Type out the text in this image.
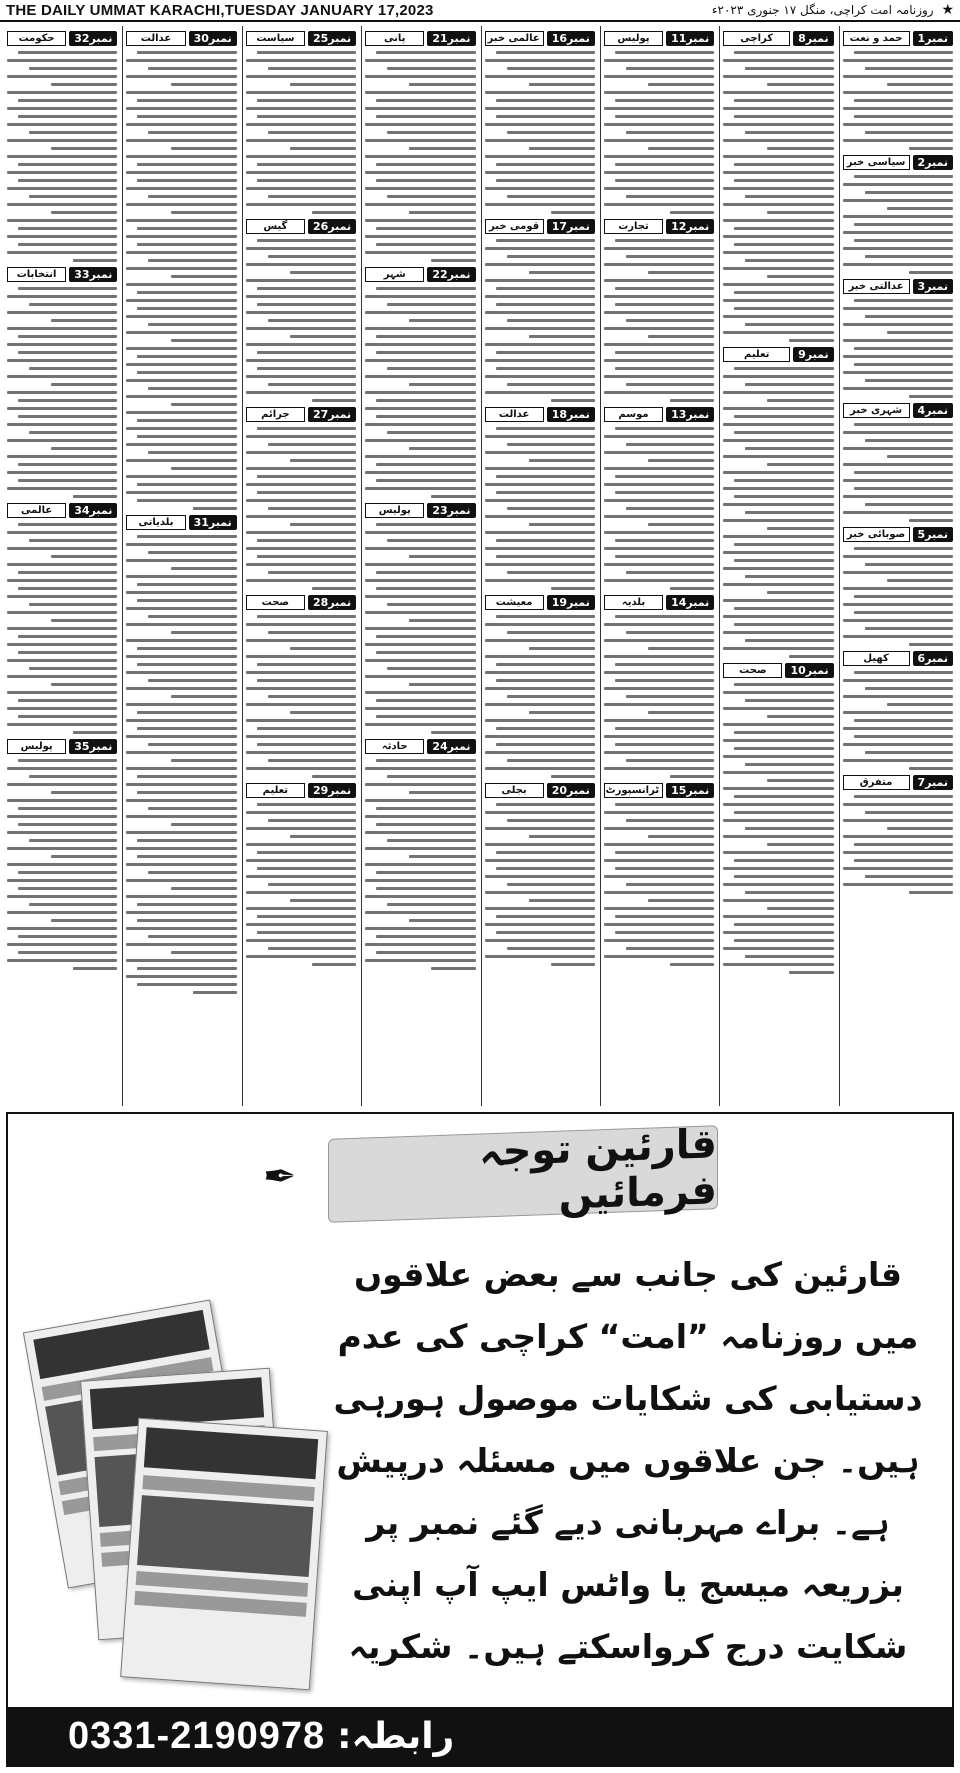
THE DAILY UMMAT KARACHI,TUESDAY JANUARY 17,2023	★ روزنامہ امت کراچی، منگل ۱۷ جنوری ۲۰۲۳ء
نمبر1
حمد و نعت
نمبر2
سیاسی خبر
نمبر3
عدالتی خبر
نمبر4
شہری خبر
نمبر5
صوبائی خبر
نمبر6
کھیل
نمبر7
متفرق
نمبر8
کراچی
نمبر9
تعلیم
نمبر10
صحت
نمبر11
پولیس
نمبر12
تجارت
نمبر13
موسم
نمبر14
بلدیہ
نمبر15
ٹرانسپورٹ
نمبر16
عالمی خبر
نمبر17
قومی خبر
نمبر18
عدالت
نمبر19
معیشت
نمبر20
بجلی
نمبر21
پانی
نمبر22
شہر
نمبر23
پولیس
نمبر24
حادثہ
نمبر25
سیاست
نمبر26
گیس
نمبر27
جرائم
نمبر28
صحت
نمبر29
تعلیم
نمبر30
عدالت
نمبر31
بلدیاتی
نمبر32
حکومت
نمبر33
انتخابات
نمبر34
عالمی
نمبر35
پولیس
✒
قارئین توجہ فرمائیں
قارئین کی جانب سے بعض علاقوں میں روزنامہ ”امت“ کراچی کی عدم دستیابی کی شکایات موصول ہورہی ہیں۔ جن علاقوں میں مسئلہ درپیش ہے۔ براے مہربانی دیے گئے نمبر پر بزریعہ میسج یا واٹس ایپ آپ اپنی شکایت درج کرواسکتے ہیں۔ شکریہ
0331-2190978 رابطہ:
